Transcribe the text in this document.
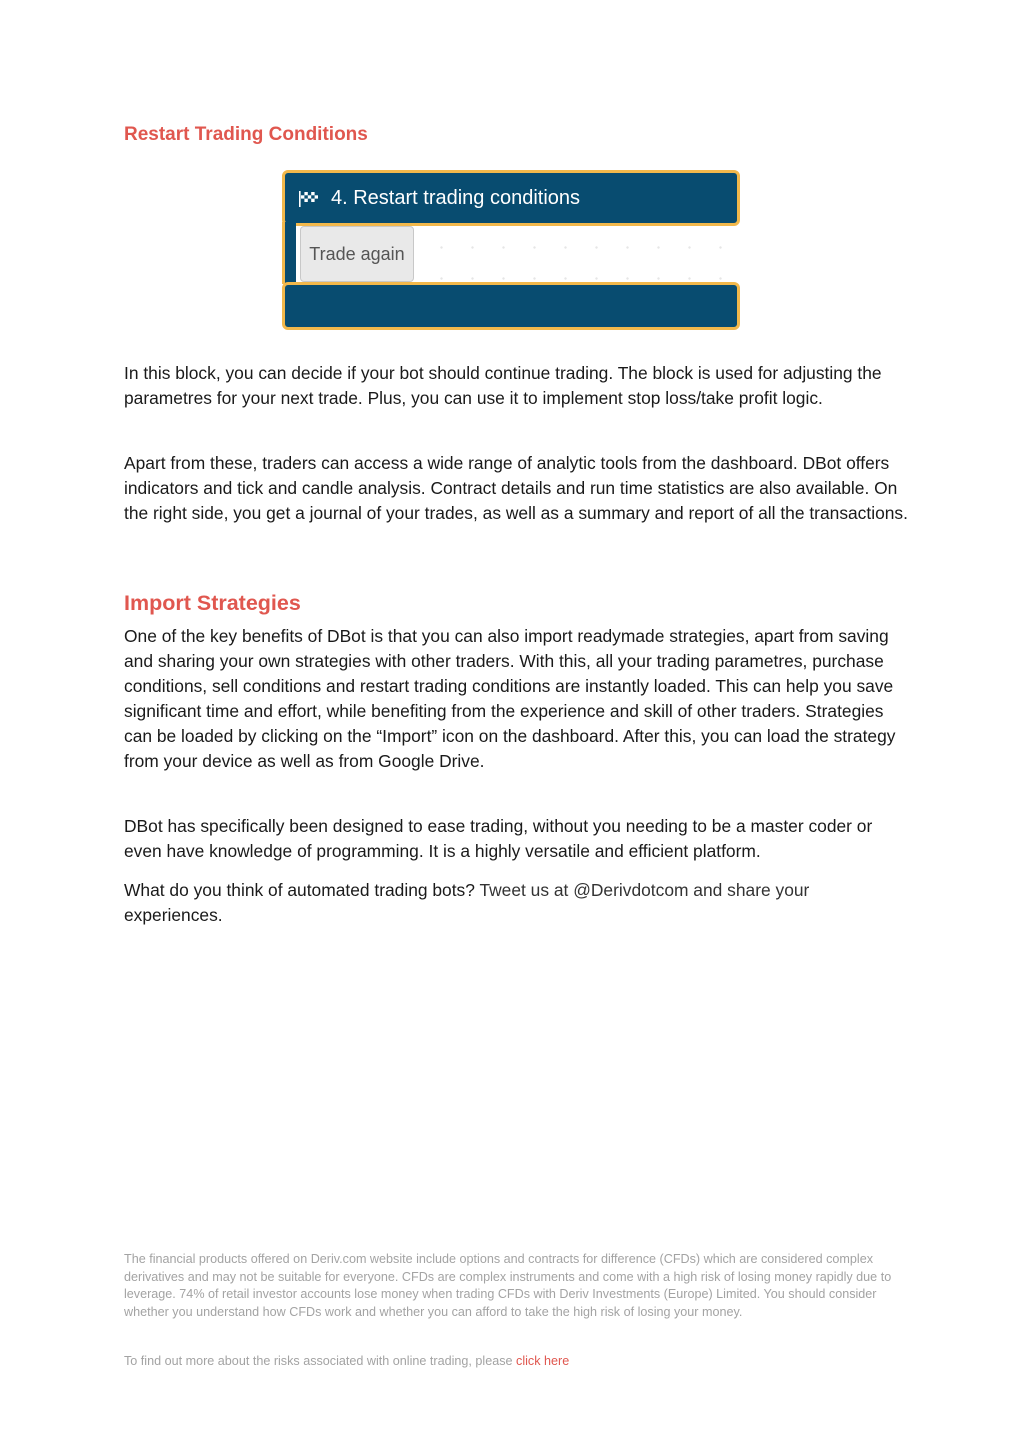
Restart Trading Conditions
4. Restart trading conditions
Trade again

In this block, you can decide if your bot should continue trading. The block is used for adjusting the parametres for your next trade. Plus, you can use it to implement stop loss/take profit logic.

Apart from these, traders can access a wide range of analytic tools from the dashboard. DBot offers indicators and tick and candle analysis. Contract details and run time statistics are also available. On the right side, you get a journal of your trades, as well as a summary and report of all the transactions.

Import Strategies

One of the key benefits of DBot is that you can also import readymade strategies, apart from saving and sharing your own strategies with other traders. With this, all your trading parametres, purchase conditions, sell conditions and restart trading conditions are instantly loaded. This can help you save significant time and effort, while benefiting from the experience and skill of other traders. Strategies can be loaded by clicking on the “Import” icon on the dashboard. After this, you can load the strategy from your device as well as from Google Drive.

DBot has specifically been designed to ease trading, without you needing to be a master coder or even have knowledge of programming. It is a highly versatile and efficient platform.

What do you think of automated trading bots? Tweet us at @Derivdotcom and share your
experiences.

The financial products offered on Deriv.com website include options and contracts for difference (CFDs) which are considered complex derivatives and may not be suitable for everyone. CFDs are complex instruments and come with a high risk of losing money rapidly due to leverage. 74% of retail investor accounts lose money when trading CFDs with Deriv Investments (Europe) Limited. You should consider whether you understand how CFDs work and whether you can afford to take the high risk of losing your money.

To find out more about the risks associated with online trading, please click here
